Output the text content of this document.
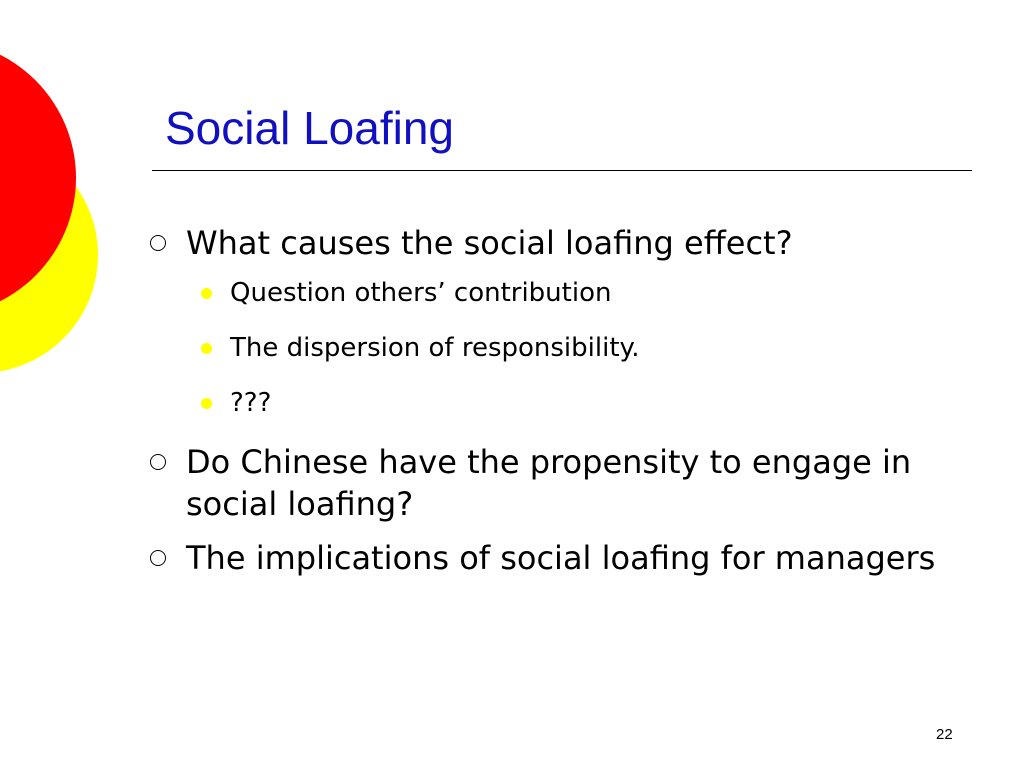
Social Loafing
What causes the social loafing effect?
Question others’ contribution
The dispersion of responsibility.
???
Do Chinese have the propensity to engage in social loafing?
The implications of social loafing for managers
22
